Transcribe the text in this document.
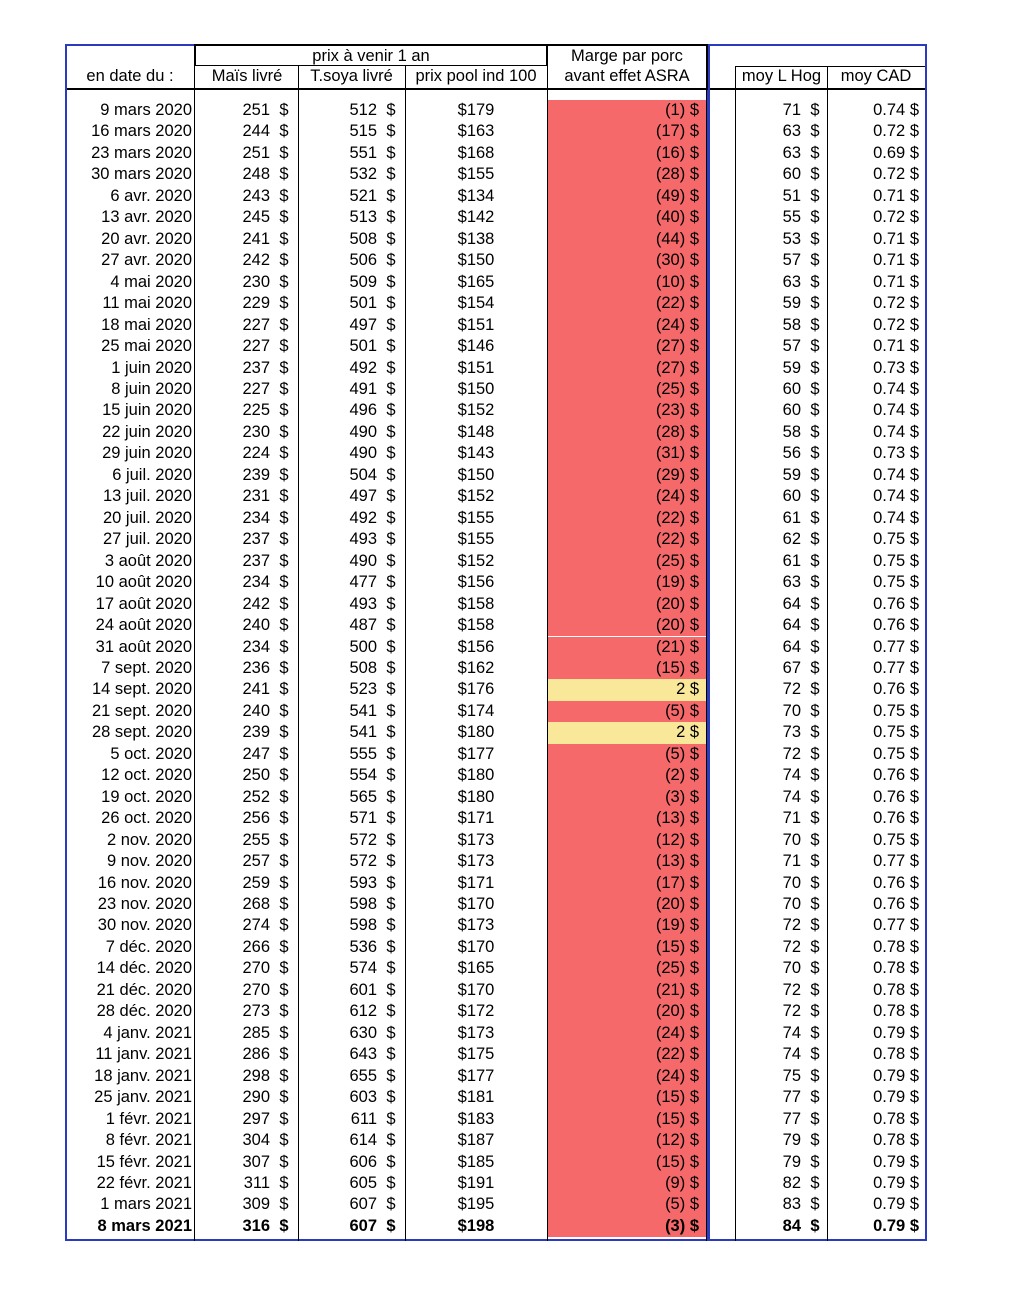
prix à venir 1 an
en date du :	Maïs livré	T.soya livré	prix pool ind 100
Marge par porc
avant effet ASRA	moy L Hog	moy CAD
9 mars 2020	251 $	512 $	$179	(1) $	71 $	0.74 $
16 mars 2020	244 $	515 $	$163	(17) $	63 $	0.72 $
23 mars 2020	251 $	551 $	$168	(16) $	63 $	0.69 $
30 mars 2020	248 $	532 $	$155	(28) $	60 $	0.72 $
6 avr. 2020	243 $	521 $	$134	(49) $	51 $	0.71 $
13 avr. 2020	245 $	513 $	$142	(40) $	55 $	0.72 $
20 avr. 2020	241 $	508 $	$138	(44) $	53 $	0.71 $
27 avr. 2020	242 $	506 $	$150	(30) $	57 $	0.71 $
4 mai 2020	230 $	509 $	$165	(10) $	63 $	0.71 $
11 mai 2020	229 $	501 $	$154	(22) $	59 $	0.72 $
18 mai 2020	227 $	497 $	$151	(24) $	58 $	0.72 $
25 mai 2020	227 $	501 $	$146	(27) $	57 $	0.71 $
1 juin 2020	237 $	492 $	$151	(27) $	59 $	0.73 $
8 juin 2020	227 $	491 $	$150	(25) $	60 $	0.74 $
15 juin 2020	225 $	496 $	$152	(23) $	60 $	0.74 $
22 juin 2020	230 $	490 $	$148	(28) $	58 $	0.74 $
29 juin 2020	224 $	490 $	$143	(31) $	56 $	0.73 $
6 juil. 2020	239 $	504 $	$150	(29) $	59 $	0.74 $
13 juil. 2020	231 $	497 $	$152	(24) $	60 $	0.74 $
20 juil. 2020	234 $	492 $	$155	(22) $	61 $	0.74 $
27 juil. 2020	237 $	493 $	$155	(22) $	62 $	0.75 $
3 août 2020	237 $	490 $	$152	(25) $	61 $	0.75 $
10 août 2020	234 $	477 $	$156	(19) $	63 $	0.75 $
17 août 2020	242 $	493 $	$158	(20) $	64 $	0.76 $
24 août 2020	240 $	487 $	$158	(20) $	64 $	0.76 $
31 août 2020	234 $	500 $	$156	(21) $	64 $	0.77 $
7 sept. 2020	236 $	508 $	$162	(15) $	67 $	0.77 $
14 sept. 2020	241 $	523 $	$176	2 $	72 $	0.76 $
21 sept. 2020	240 $	541 $	$174	(5) $	70 $	0.75 $
28 sept. 2020	239 $	541 $	$180	2 $	73 $	0.75 $
5 oct. 2020	247 $	555 $	$177	(5) $	72 $	0.75 $
12 oct. 2020	250 $	554 $	$180	(2) $	74 $	0.76 $
19 oct. 2020	252 $	565 $	$180	(3) $	74 $	0.76 $
26 oct. 2020	256 $	571 $	$171	(13) $	71 $	0.76 $
2 nov. 2020	255 $	572 $	$173	(12) $	70 $	0.75 $
9 nov. 2020	257 $	572 $	$173	(13) $	71 $	0.77 $
16 nov. 2020	259 $	593 $	$171	(17) $	70 $	0.76 $
23 nov. 2020	268 $	598 $	$170	(20) $	70 $	0.76 $
30 nov. 2020	274 $	598 $	$173	(19) $	72 $	0.77 $
7 déc. 2020	266 $	536 $	$170	(15) $	72 $	0.78 $
14 déc. 2020	270 $	574 $	$165	(25) $	70 $	0.78 $
21 déc. 2020	270 $	601 $	$170	(21) $	72 $	0.78 $
28 déc. 2020	273 $	612 $	$172	(20) $	72 $	0.78 $
4 janv. 2021	285 $	630 $	$173	(24) $	74 $	0.79 $
11 janv. 2021	286 $	643 $	$175	(22) $	74 $	0.78 $
18 janv. 2021	298 $	655 $	$177	(24) $	75 $	0.79 $
25 janv. 2021	290 $	603 $	$181	(15) $	77 $	0.79 $
1 févr. 2021	297 $	611 $	$183	(15) $	77 $	0.78 $
8 févr. 2021	304 $	614 $	$187	(12) $	79 $	0.78 $
15 févr. 2021	307 $	606 $	$185	(15) $	79 $	0.79 $
22 févr. 2021	311 $	605 $	$191	(9) $	82 $	0.79 $
1 mars 2021	309 $	607 $	$195	(5) $	83 $	0.79 $
8 mars 2021	316 $	607 $	$198	(3) $	84 $	0.79 $
